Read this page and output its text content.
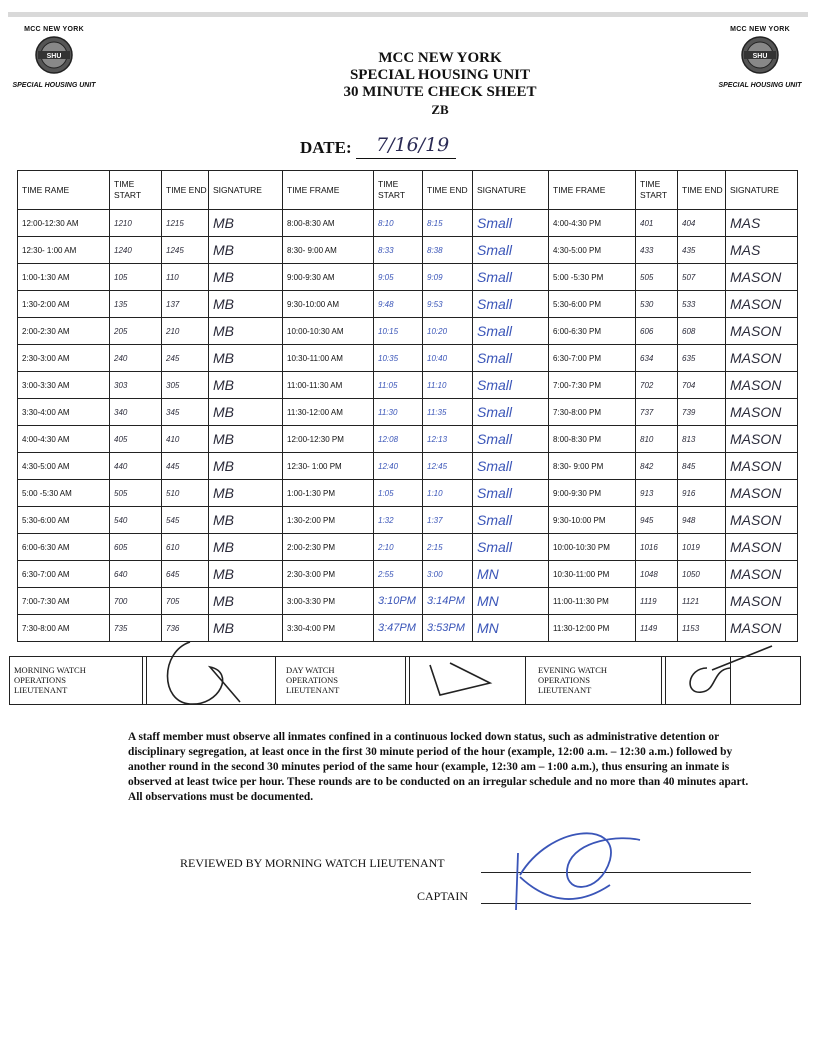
MCC NEW YORK
SHU
SPECIAL HOUSING UNIT
MCC NEW YORK
SHU
SPECIAL HOUSING UNIT
MCC NEW YORK
SPECIAL HOUSING UNIT
30 MINUTE CHECK SHEET
ZB
DATE: 7/16/19
TIME RAME	TIME START	TIME END	SIGNATURE	TIME FRAME	TIME START	TIME END	SIGNATURE	TIME FRAME	TIME START	TIME END	SIGNATURE
12:00-12:30 AM	1210	1215	MB	8:00-8:30 AM	8:10	8:15	Small	4:00-4:30 PM	401	404	MAS
12:30- 1:00 AM	1240	1245	MB	8:30- 9:00 AM	8:33	8:38	Small	4:30-5:00 PM	433	435	MAS
1:00-1:30 AM	105	110	MB	9:00-9:30 AM	9:05	9:09	Small	5:00 -5:30 PM	505	507	MASON
1:30-2:00 AM	135	137	MB	9:30-10:00 AM	9:48	9:53	Small	5:30-6:00 PM	530	533	MASON
2:00-2:30 AM	205	210	MB	10:00-10:30 AM	10:15	10:20	Small	6:00-6:30 PM	606	608	MASON
2:30-3:00 AM	240	245	MB	10:30-11:00 AM	10:35	10:40	Small	6:30-7:00 PM	634	635	MASON
3:00-3:30 AM	303	305	MB	11:00-11:30 AM	11:05	11:10	Small	7:00-7:30 PM	702	704	MASON
3:30-4:00 AM	340	345	MB	11:30-12:00 AM	11:30	11:35	Small	7:30-8:00 PM	737	739	MASON
4:00-4:30 AM	405	410	MB	12:00-12:30 PM	12:08	12:13	Small	8:00-8:30 PM	810	813	MASON
4:30-5:00 AM	440	445	MB	12:30- 1:00 PM	12:40	12:45	Small	8:30- 9:00 PM	842	845	MASON
5:00 -5:30 AM	505	510	MB	1:00-1:30 PM	1:05	1:10	Small	9:00-9:30 PM	913	916	MASON
5:30-6:00 AM	540	545	MB	1:30-2:00 PM	1:32	1:37	Small	9:30-10:00 PM	945	948	MASON
6:00-6:30 AM	605	610	MB	2:00-2:30 PM	2:10	2:15	Small	10:00-10:30 PM	1016	1019	MASON
6:30-7:00 AM	640	645	MB	2:30-3:00 PM	2:55	3:00	MN	10:30-11:00 PM	1048	1050	MASON
7:00-7:30 AM	700	705	MB	3:00-3:30 PM	3:10PM	3:14PM	MN	11:00-11:30 PM	1119	1121	MASON
7:30-8:00 AM	735	736	MB	3:30-4:00 PM	3:47PM	3:53PM	MN	11:30-12:00 PM	1149	1153	MASON
MORNING WATCH
OPERATIONS
LIEUTENANT
DAY WATCH
OPERATIONS
LIEUTENANT
EVENING WATCH
OPERATIONS
LIEUTENANT
A staff member must observe all inmates confined in a continuous locked down status, such as administrative detention or disciplinary segregation, at least once in the first 30 minute period of the hour (example, 12:00 a.m. – 12:30 a.m.) followed by another round in the second 30 minutes period of the same hour (example, 12:30 am – 1:00 a.m.), thus ensuring an inmate is observed at least twice per hour. These rounds are to be conducted on an irregular schedule and no more than 40 minutes apart. All observations must be documented.
REVIEWED BY MORNING WATCH LIEUTENANT
CAPTAIN
